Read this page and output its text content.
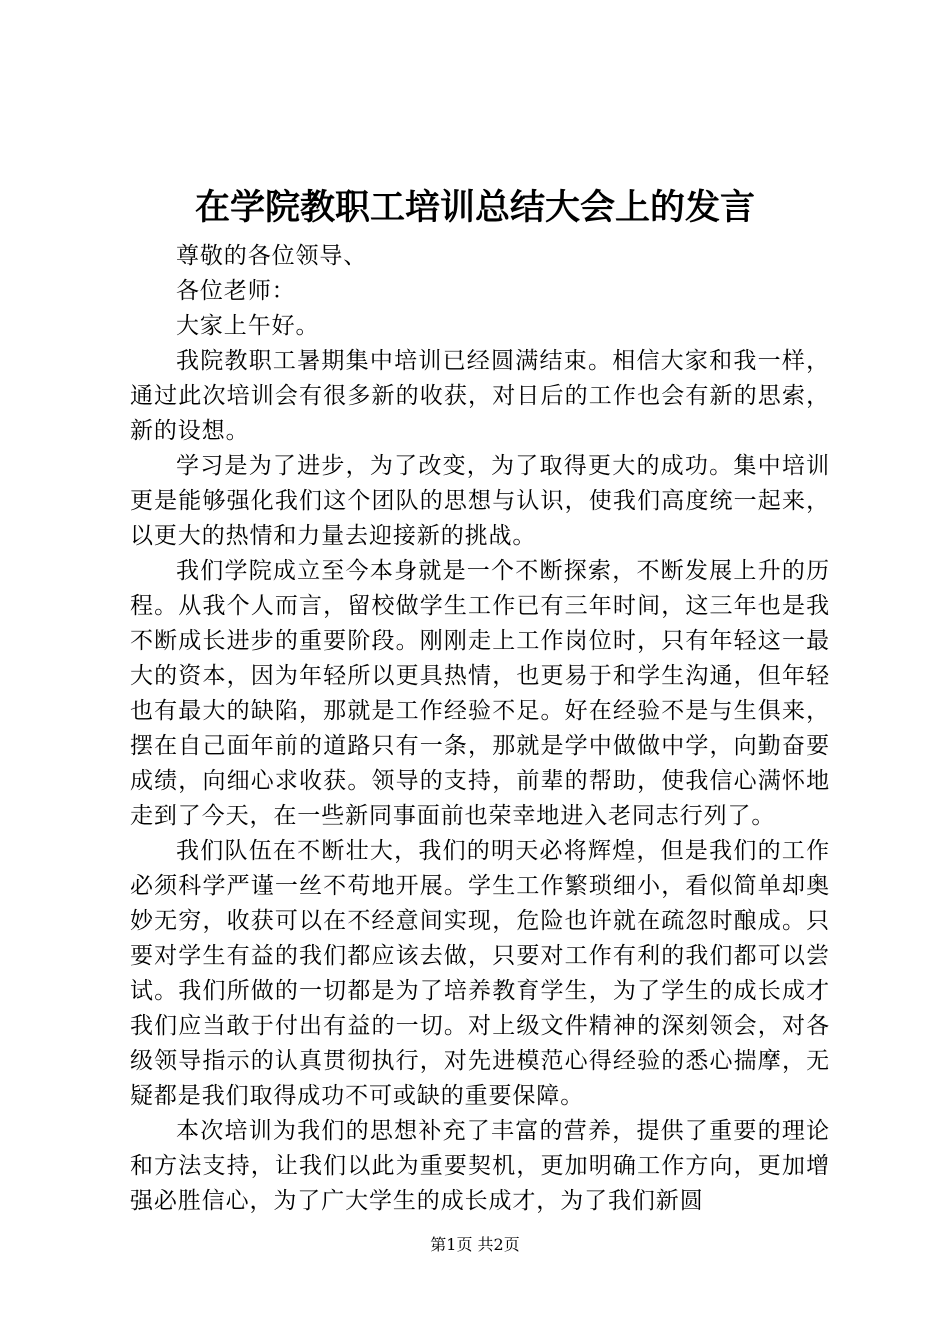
在学院教职工培训总结大会上的发言

尊敬的各位领导、

各位老师：

大家上午好。

我院教职工暑期集中培训已经圆满结束。相信大家和我一样，通过此次培训会有很多新的收获，对日后的工作也会有新的思索，新的设想。

学习是为了进步，为了改变，为了取得更大的成功。集中培训更是能够强化我们这个团队的思想与认识，使我们高度统一起来，以更大的热情和力量去迎接新的挑战。

我们学院成立至今本身就是一个不断探索，不断发展上升的历程。从我个人而言，留校做学生工作已有三年时间，这三年也是我不断成长进步的重要阶段。刚刚走上工作岗位时，只有年轻这一最大的资本，因为年轻所以更具热情，也更易于和学生沟通，但年轻也有最大的缺陷，那就是工作经验不足。好在经验不是与生俱来，摆在自己面年前的道路只有一条，那就是学中做做中学，向勤奋要成绩，向细心求收获。领导的支持，前辈的帮助，使我信心满怀地走到了今天，在一些新同事面前也荣幸地进入老同志行列了。

我们队伍在不断壮大，我们的明天必将辉煌，但是我们的工作必须科学严谨一丝不苟地开展。学生工作繁琐细小，看似简单却奥妙无穷，收获可以在不经意间实现，危险也许就在疏忽时酿成。只要对学生有益的我们都应该去做，只要对工作有利的我们都可以尝试。我们所做的一切都是为了培养教育学生，为了学生的成长成才我们应当敢于付出有益的一切。对上级文件精神的深刻领会，对各级领导指示的认真贯彻执行，对先进模范心得经验的悉心揣摩，无疑都是我们取得成功不可或缺的重要保障。

本次培训为我们的思想补充了丰富的营养，提供了重要的理论和方法支持，让我们以此为重要契机，更加明确工作方向，更加增强必胜信心，为了广大学生的成长成才，为了我们新圆

第1页 共2页
